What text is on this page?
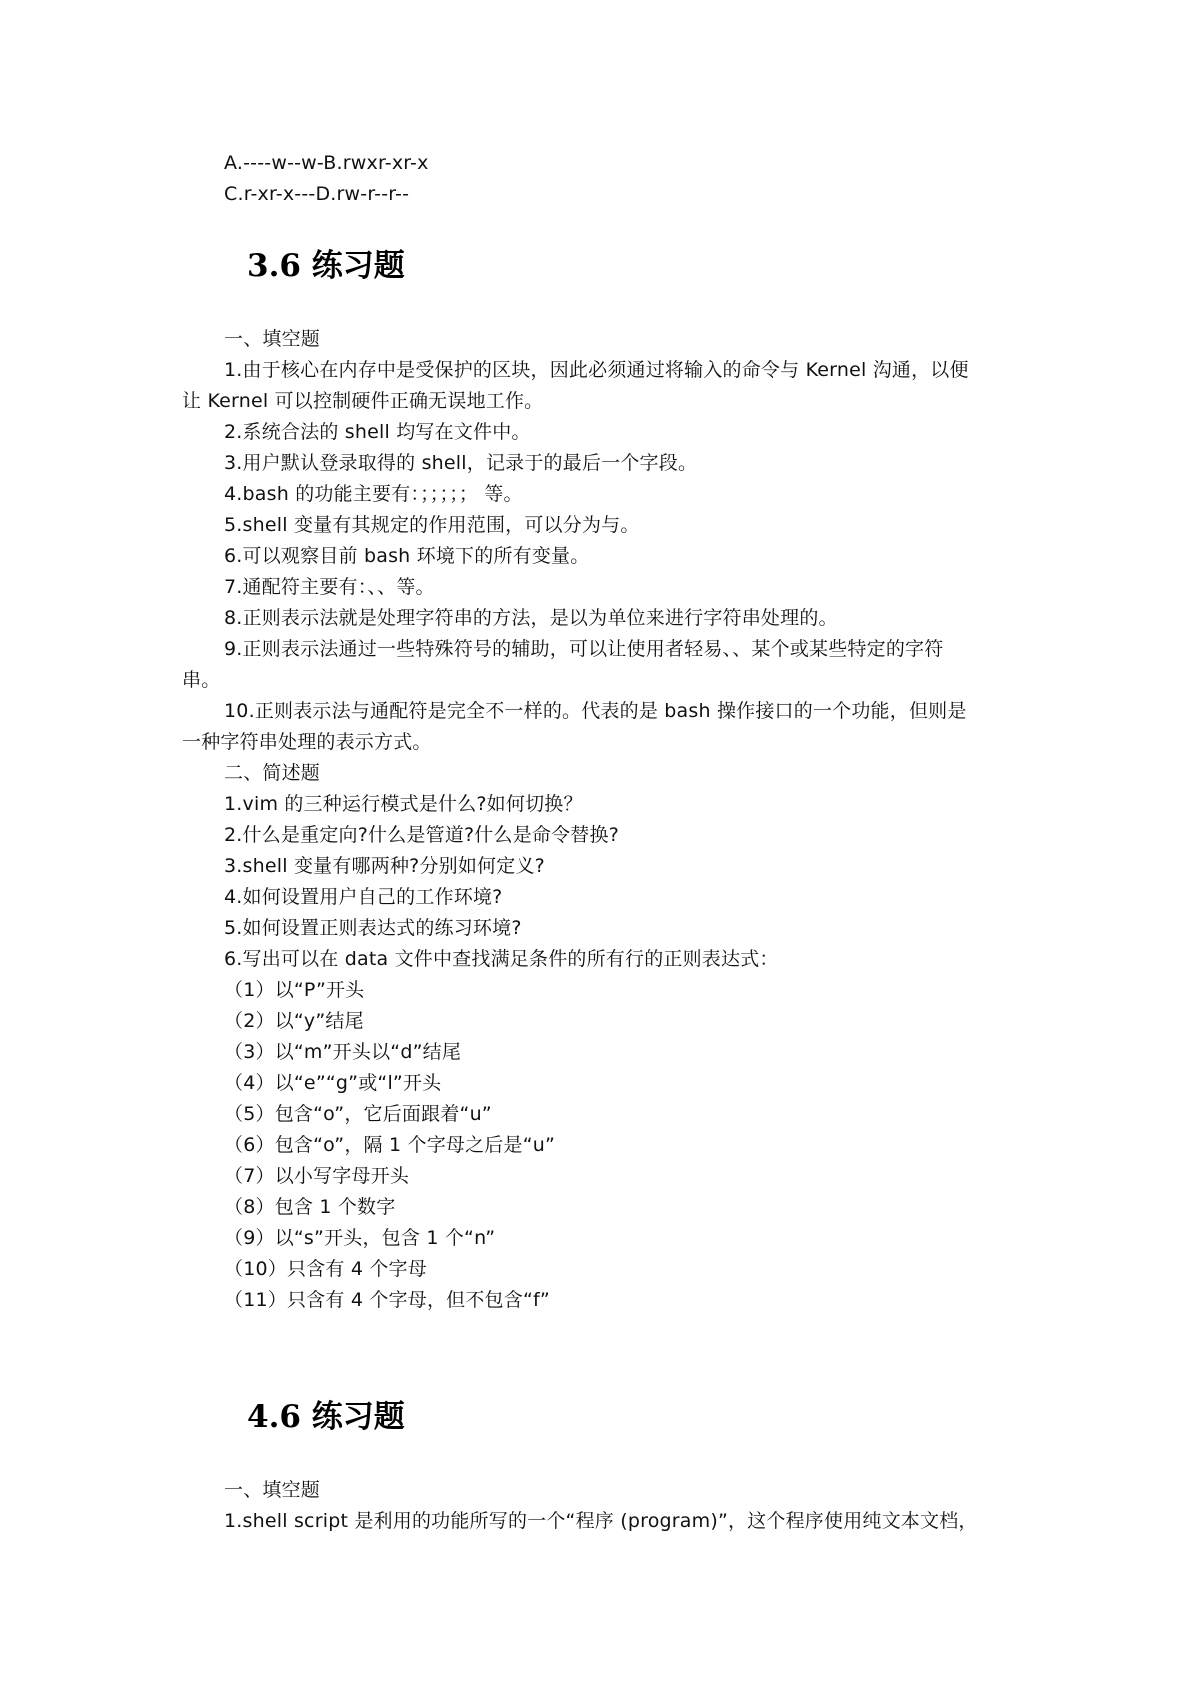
A.----w--w-B.rwxr-xr-x
C.r-xr-x---D.rw-r--r--
3.6 练习题
一、填空题
1.由于核心在内存中是受保护的区块，因此必须通过将输入的命令与 Kernel 沟通，以便
让 Kernel 可以控制硬件正确无误地工作。
2.系统合法的 shell 均写在文件中。
3.用户默认登录取得的 shell，记录于的最后一个字段。
4.bash 的功能主要有：；；；；； 等。
5.shell 变量有其规定的作用范围，可以分为与。
6.可以观察目前 bash 环境下的所有变量。
7.通配符主要有：、、等。
8.正则表示法就是处理字符串的方法，是以为单位来进行字符串处理的。
9.正则表示法通过一些特殊符号的辅助，可以让使用者轻易、、某个或某些特定的字符
串。
10.正则表示法与通配符是完全不一样的。代表的是 bash 操作接口的一个功能，但则是
一种字符串处理的表示方式。
二、简述题
1.vim 的三种运行模式是什么?如何切换？
2.什么是重定向?什么是管道?什么是命令替换?
3.shell 变量有哪两种?分别如何定义?
4.如何设置用户自己的工作环境?
5.如何设置正则表达式的练习环境?
6.写出可以在 data 文件中查找满足条件的所有行的正则表达式：
（1）以“P”开头
（2）以“y”结尾
（3）以“m”开头以“d”结尾
（4）以“e”“g”或“l”开头
（5）包含“o”，它后面跟着“u”
（6）包含“o”，隔 1 个字母之后是“u”
（7）以小写字母开头
（8）包含 1 个数字
（9）以“s”开头，包含 1 个“n”
（10）只含有 4 个字母
（11）只含有 4 个字母，但不包含“f”
4.6 练习题
一、填空题
1.shell script 是利用的功能所写的一个“程序 (program)”，这个程序使用纯文本文档，
